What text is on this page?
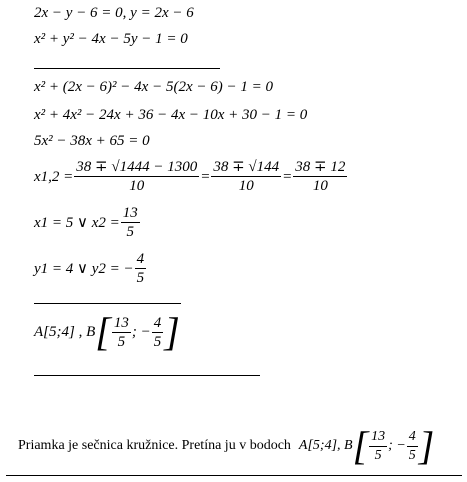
2x − y − 6 = 0, y = 2x − 6
x² + y² − 4x − 5y − 1 = 0
x² + (2x − 6)² − 4x − 5(2x − 6) − 1 = 0
x² + 4x² − 24x + 36 − 4x − 10x + 30 − 1 = 0
5x² − 38x + 65 = 0
$x1,2 = \frac{38 \mp √1444 - 1300}{10} = \frac{38 \mp √144}{10} = \frac{38 \mp 12}{10}$
x1 = 5 ∨ $x2 = \frac{13}{5}$
y1 = 4 ∨ y2 = − $\frac{4}{5}$
A[5;4] , B [ $\frac{13}{5}$ ; − $\frac{4}{5}$ ]
Priamka je sečnica kružnice. Pretína ju v bodoch A[5;4], B [ $\frac{13}{5}$ ; − $\frac{4}{5}$ ]
